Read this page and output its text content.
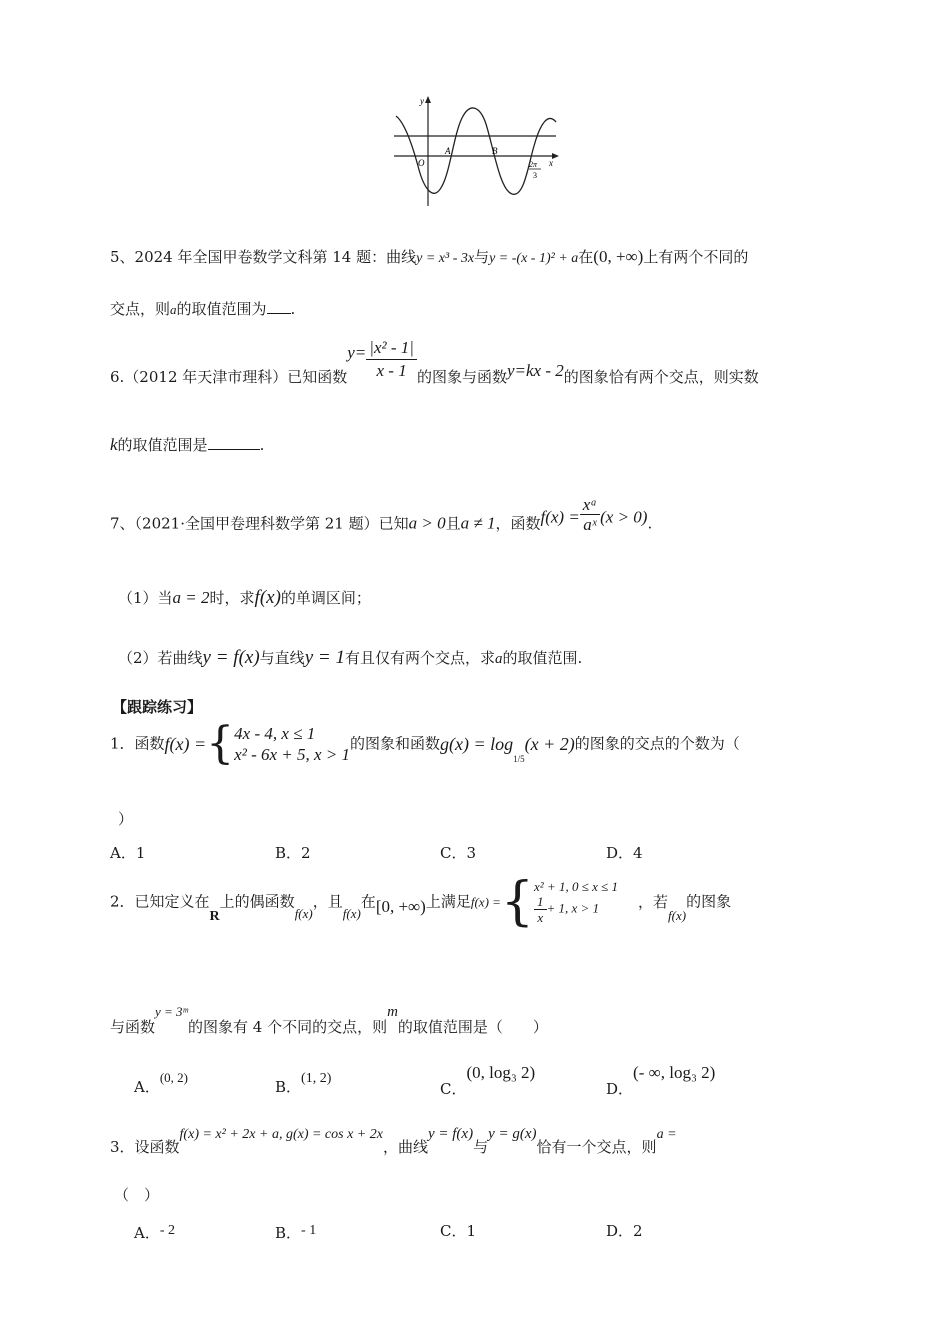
y
x
O
A	B
2π
3
5、2024 年全国甲卷数学文科第 14 题：曲线y = x³ - 3x与y = -(x - 1)² + a在(0, +∞)上有两个不同的
交点，则a的取值范围为 .
6.（2012 年天津市理科）已知函数$y= \frac{\text{|x² - 1|}}{x - 1}$ 的图象与函数y=kx - 2的图象恰有两个交点，则实数
k的取值范围是	.
7、（2021·全国甲卷理科数学第 21 题）已知a > 0且a ≠ 1，函数$f(x) = \frac{\text{xᵃ}}{\text{aˣ}} (x > 0)$.
（1）当a = 2时，求f(x)的单调区间；
（2）若曲线y = f(x)与直线y = 1有且仅有两个交点，求a的取值范围.
【跟踪练习】
1．函数f(x) ={ 4x - 4, x ≤ 1
x² - 6x + 5, x > 1
的图象和函数$g(x) = \log_{1/5}(x + 2)$的图象的交点的个数为（
）
A．1	B．2	C．3	D．4
2．已知定义在R上的偶函数f(x)，且f(x)在[0, +∞)上满足f(x) ={ x² + 1, 0 ≤ x ≤ 1
$\frac{1}{x} + 1$, x > 1	，若f(x)的图象
与函数y = 3ᵐ的图象有 4 个不同的交点，则m的取值范围是（　　）
A．(0, 2)
B．(1, 2)
C．(0, log₃ 2)
D．(- ∞, log₃ 2)
3．设函数f(x) = x² + 2x + a, g(x) = cos x + 2x，曲线y = f(x)与y = g(x)恰有一个交点，则a =
（　）
A．- 2	B．- 1	C．1	D．2
